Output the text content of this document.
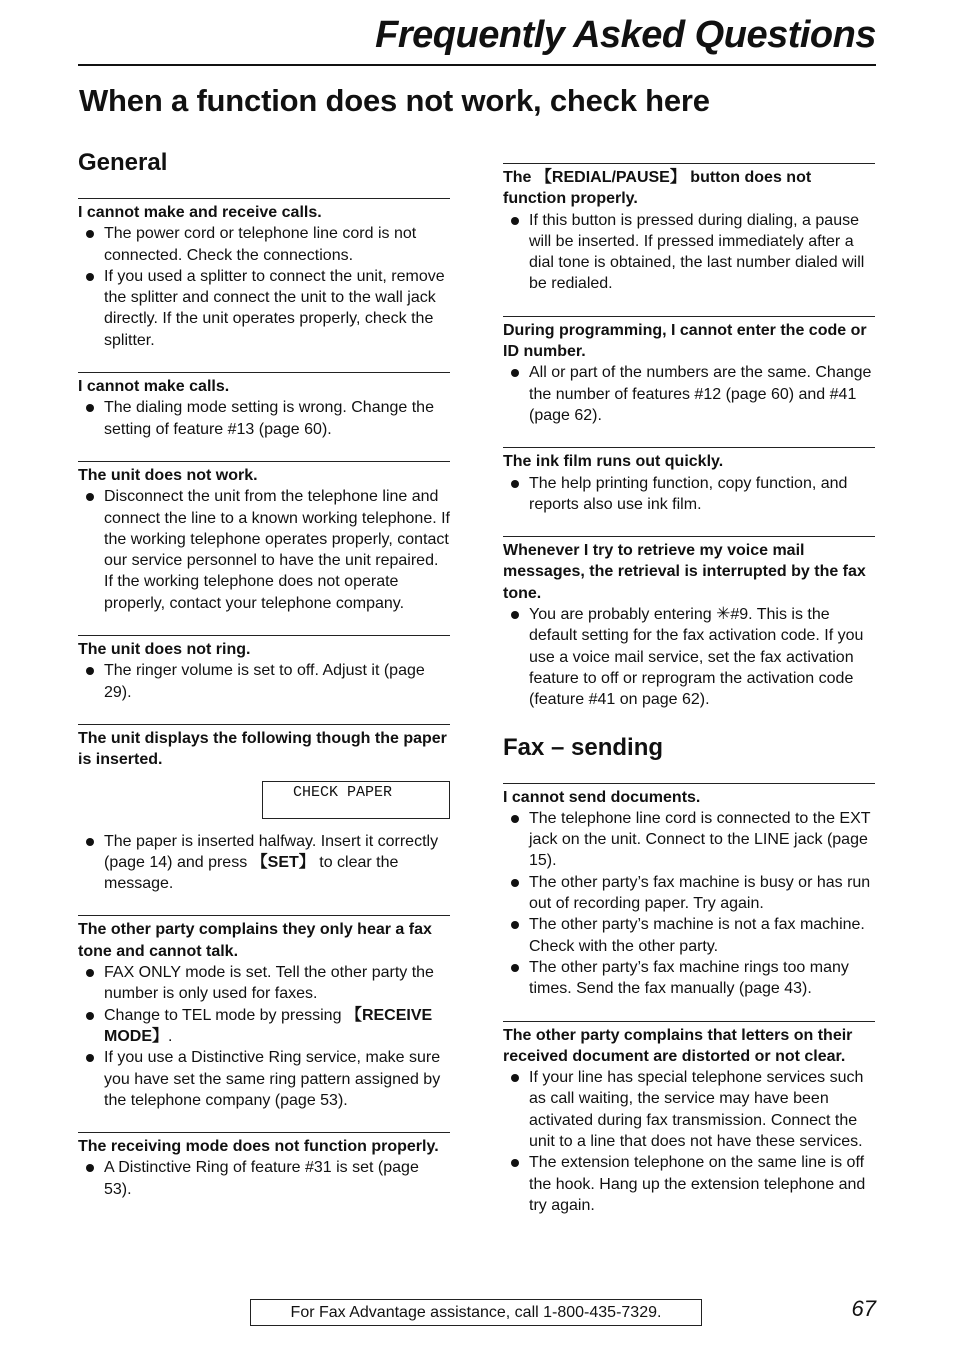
Frequently Asked Questions
When a function does not work, check here
General
I cannot make and receive calls.
The power cord or telephone line cord is not connected. Check the connections.
If you used a splitter to connect the unit, remove the splitter and connect the unit to the wall jack directly. If the unit operates properly, check the splitter.
I cannot make calls.
The dialing mode setting is wrong. Change the setting of feature #13 (page 60).
The unit does not work.
Disconnect the unit from the telephone line and connect the line to a known working telephone. If the working telephone operates properly, contact our service personnel to have the unit repaired. If the working telephone does not operate properly, contact your telephone company.
The unit does not ring.
The ringer volume is set to off. Adjust it (page 29).
The unit displays the following though the paper is inserted.
CHECK PAPER
The paper is inserted halfway. Insert it correctly (page 14) and press 【SET】 to clear the message.
The other party complains they only hear a fax tone and cannot talk.
FAX ONLY mode is set. Tell the other party the number is only used for faxes.
Change to TEL mode by pressing 【RECEIVE MODE】.
If you use a Distinctive Ring service, make sure you have set the same ring pattern assigned by the telephone company (page 53).
The receiving mode does not function properly.
A Distinctive Ring of feature #31 is set (page 53).
The 【REDIAL/PAUSE】 button does not function properly.
If this button is pressed during dialing, a pause will be inserted. If pressed immediately after a dial tone is obtained, the last number dialed will be redialed.
During programming, I cannot enter the code or ID number.
All or part of the numbers are the same. Change the number of features #12 (page 60) and #41 (page 62).
The ink film runs out quickly.
The help printing function, copy function, and reports also use ink film.
Whenever I try to retrieve my voice mail messages, the retrieval is interrupted by the fax tone.
You are probably entering ✳#9. This is the default setting for the fax activation code. If you use a voice mail service, set the fax activation feature to off or reprogram the activation code (feature #41 on page 62).
Fax – sending
I cannot send documents.
The telephone line cord is connected to the EXT jack on the unit. Connect to the LINE jack (page 15).
The other party’s fax machine is busy or has run out of recording paper. Try again.
The other party’s machine is not a fax machine. Check with the other party.
The other party’s fax machine rings too many times. Send the fax manually (page 43).
The other party complains that letters on their received document are distorted or not clear.
If your line has special telephone services such as call waiting, the service may have been activated during fax transmission. Connect the unit to a line that does not have these services.
The extension telephone on the same line is off the hook. Hang up the extension telephone and try again.
For Fax Advantage assistance, call 1-800-435-7329.	67
